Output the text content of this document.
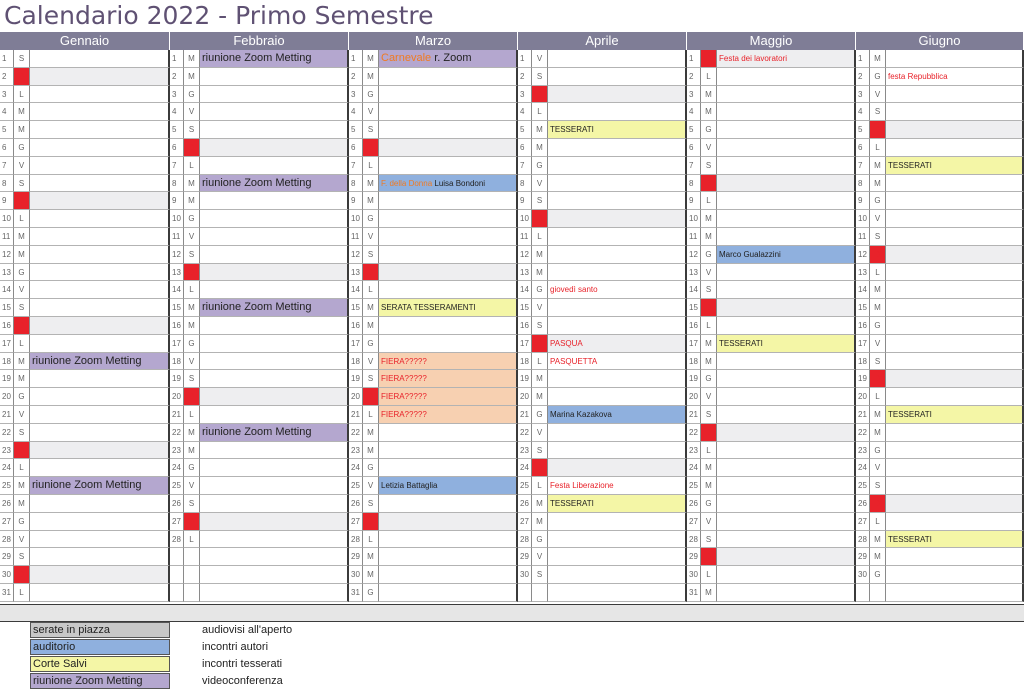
Calendario 2022 - Primo Semestre
Gennaio
1	S
2	D
3	L
4	M
5	M
6	G
7	V
8	S
9	D
10	L
11 M
12 M
13 G
14 V
15 S
16 D
17	L
18 M riunione Zoom Metting
19 M
20 G
21 V
22 S
23 D
24	L
25 M riunione Zoom Metting
26 M
27 G
28 V
29 S
30 D
31	L
Febbraio
1	M riunione Zoom Metting
2	M
3	G
4	V
5	S
6	D
7	L
8	M riunione Zoom Metting
9	M
10 G
11	V
12 S
13 D
14	L
15 M riunione Zoom Metting
16 M
17 G
18 V
19 S
20 D
21	L
22 M riunione Zoom Metting
23 M
24 G
25 V
26 S
27 D
28	L
Marzo
1	M Carnevale r. Zoom
2	M
3	G
4	V
5	S
6	D
7	L
8	M F. della Donna Luisa Bondoni
9	M
10 G
11	V
12 S
13 D
14	L
15 M SERATA TESSERAMENTI
16 M
17 G
18 V FIERA?????
19 S FIERA?????
20 D FIERA?????
21	L	FIERA?????
22 M
23 M
24 G
25 V Letizia Battaglia
26 S
27 D
28	L
29 M
30 M
31 G
Aprile
1	V
2	S
3	D
4	L
5	M TESSERATI
6	M
7	G
8	V
9	S
10 D
11	L
12 M
13 M
14 G giovedì santo
15 V
16 S
17 D PASQUA
18	L	PASQUETTA
19 M
20 M
21 G Marina Kazakova
22 V
23 S
24 D
25	L	Festa Liberazione
26 M TESSERATI
27 M
28 G
29 V
30 S
Maggio
1	D Festa dei lavoratori
2	L
3	M
4	M
5	G
6	V
7	S
8	D
9	L
10 M
11 M
12 G Marco Gualazzini
13 V
14 S
15 D
16	L
17 M TESSERATI
18 M
19 G
20 V
21 S
22 D
23	L
24 M
25 M
26 G
27 V
28 S
29 D
30	L
31 M
Giugno
1	M
2	G festa Repubblica
3	V
4	S
5	D
6	L
7	M TESSERATI
8	M
9	G
10 V
11	S
12 D
13	L
14 M
15 M
16 G
17 V
18 S
19 D
20	L
21 M TESSERATI
22 M
23 G
24 V
25 S
26 D
27	L
28 M TESSERATI
29 M
30 G
serate in piazza	audiovisi all'aperto
auditorio	incontri autori
Corte Salvi	incontri tesserati
riunione Zoom Metting	videoconferenza
